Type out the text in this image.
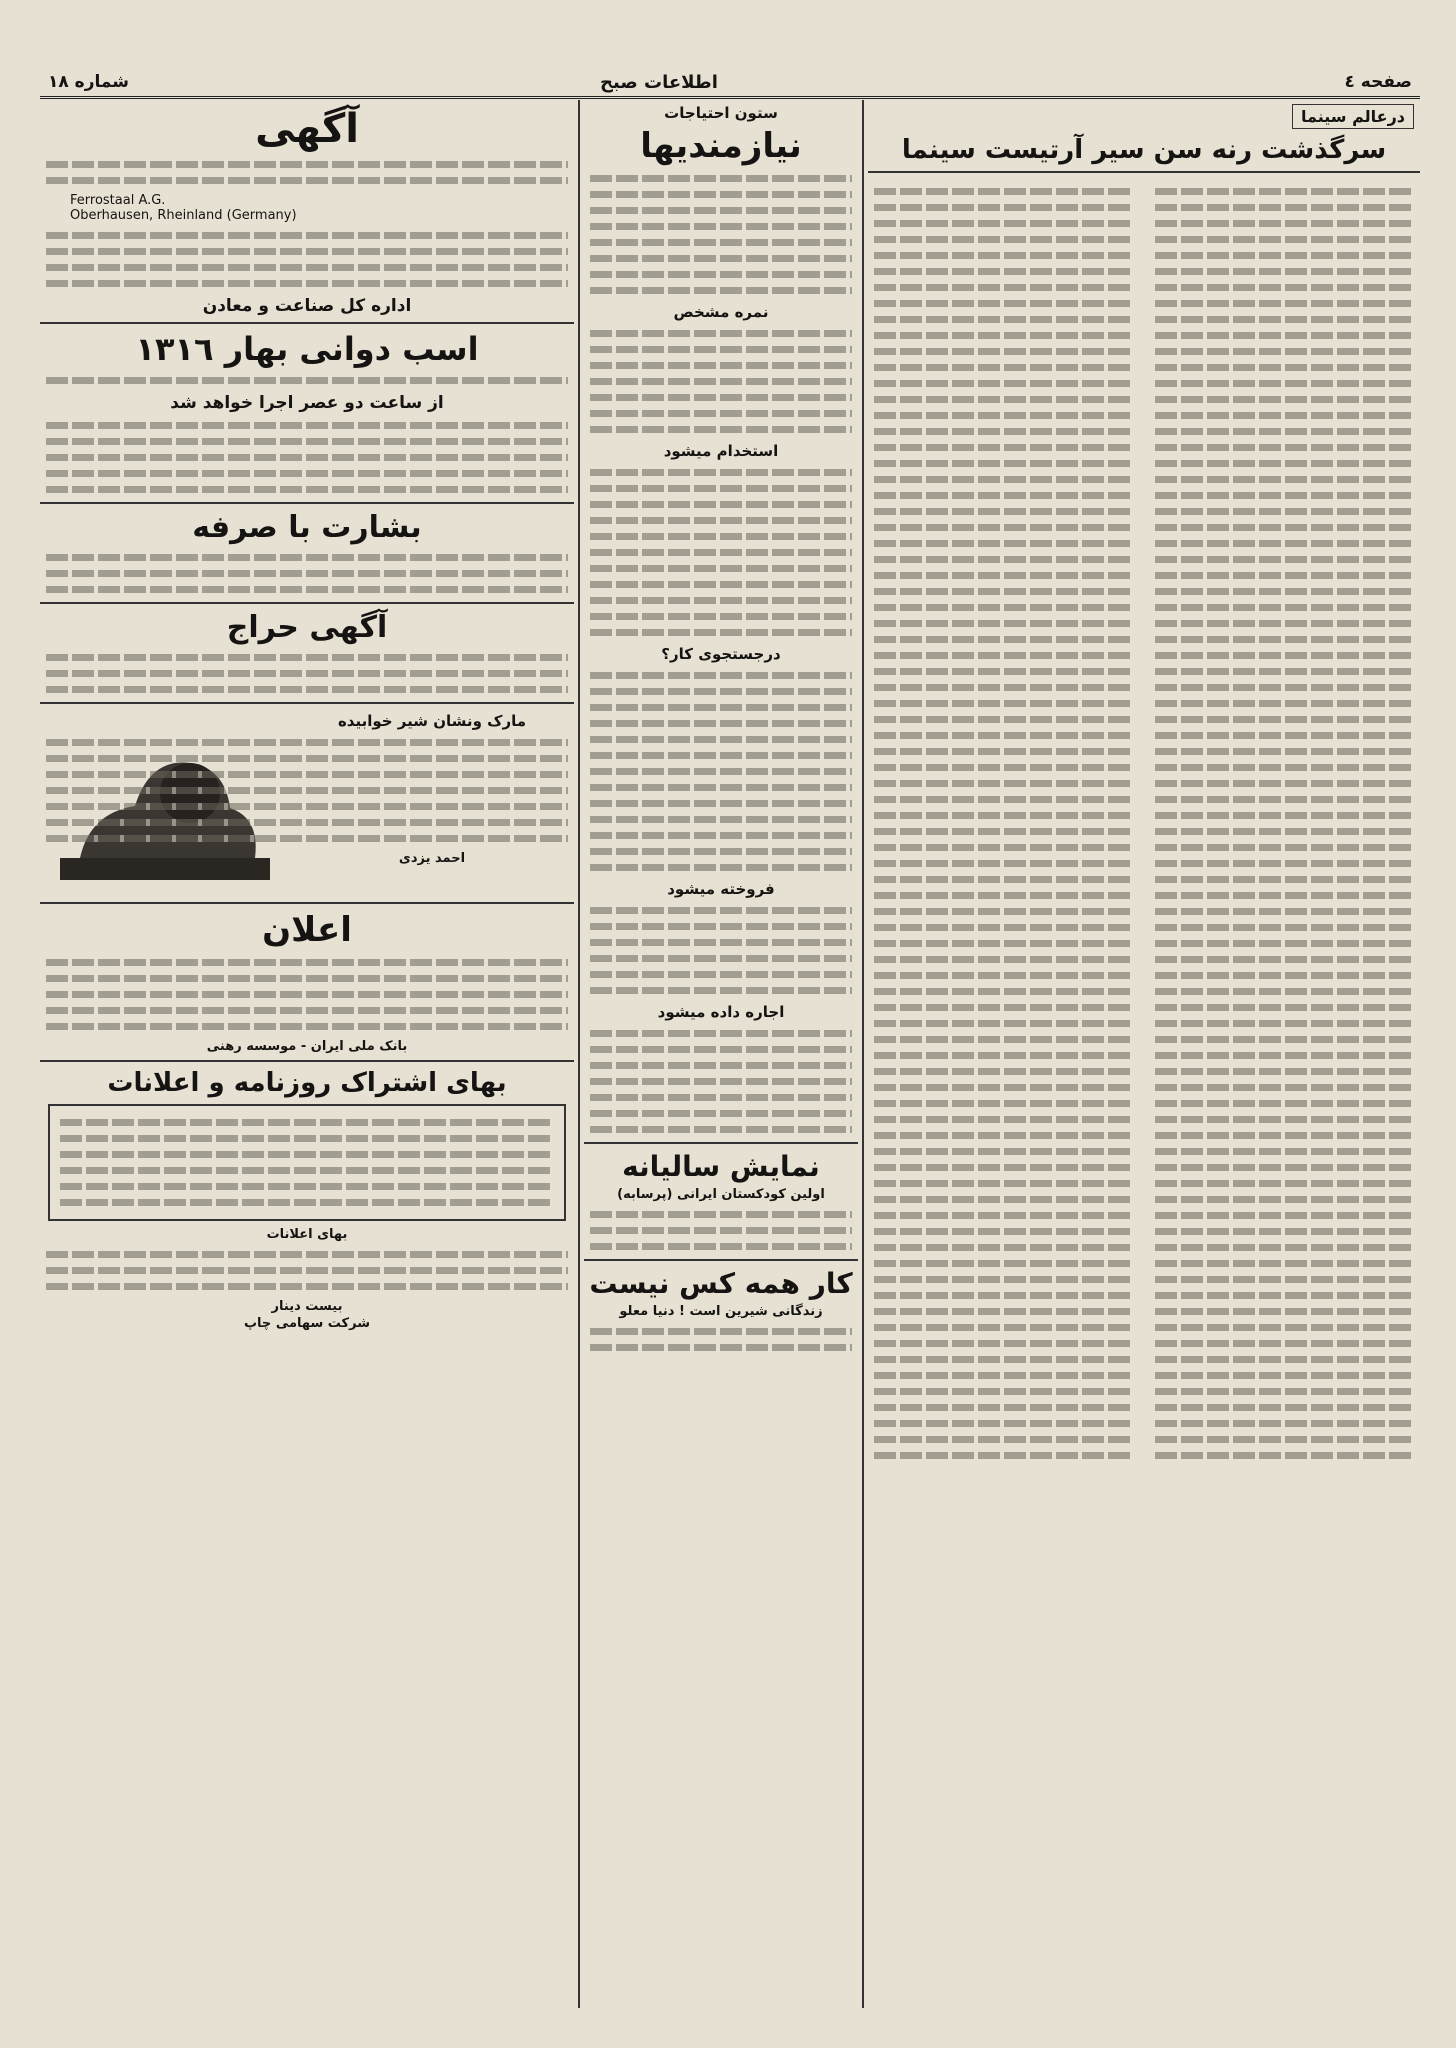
صفحه ٤
اطلاعات صبح
شماره ١٨
درعالم سینما
سرگذشت رنه سن سیر آرتیست سینما
ستون احتیاجات
نیازمندیها
نمره مشخص
استخدام میشود
درجستجوی کار؟
فروخته میشود
اجاره داده میشود
نمایش سالیانه
اولین کودکستان ایرانی (پرسابه)
کار همه کس نیست
زندگانی شیرین است ! دنیا معلو
آگهی
Ferrostaal A.G.
Oberhausen, Rheinland (Germany)
اداره کل صناعت و معادن
اسب دوانی بهار ١٣١٦
از ساعت دو عصر اجرا خواهد شد
بشارت با صرفه
آگهی حراج
مارک ونشان شیر خوابیده
احمد یزدی
اعلان
بانک ملی ایران - موسسه رهنی
بهای اشتراک روزنامه و اعلانات
بهای اعلانات
بیست دینار
شرکت سهامی چاپ
